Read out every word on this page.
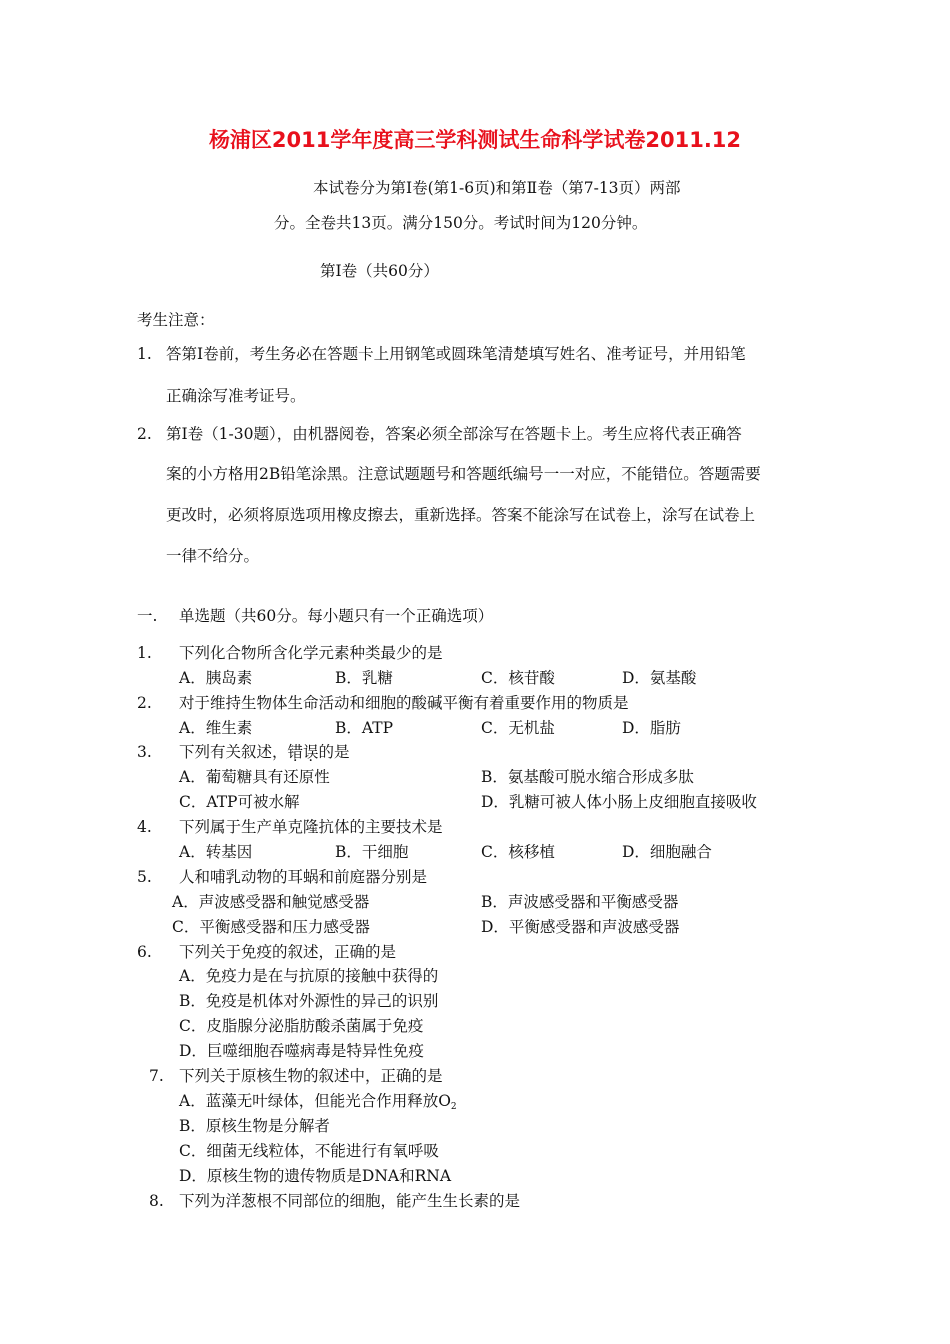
杨浦区2011学年度高三学科测试生命科学试卷2011.12
本试卷分为第Ⅰ卷(第1-6页)和第Ⅱ卷（第7-13页）两部
分。全卷共13页。满分150分。考试时间为120分钟。
第Ⅰ卷（共60分）
考生注意：
1. 答第Ⅰ卷前，考生务必在答题卡上用钢笔或圆珠笔清楚填写姓名、准考证号，并用铅笔
正确涂写准考证号。
2. 第Ⅰ卷（1-30题），由机器阅卷，答案必须全部涂写在答题卡上。考生应将代表正确答
案的小方格用2B铅笔涂黑。注意试题题号和答题纸编号一一对应，不能错位。答题需要
更改时，必须将原选项用橡皮擦去，重新选择。答案不能涂写在试卷上，涂写在试卷上
一律不给分。
一. 单选题（共60分。每小题只有一个正确选项）
1. 下列化合物所含化学元素种类最少的是
A．胰岛素	B．乳糖	C．核苷酸	D．氨基酸
2. 对于维持生物体生命活动和细胞的酸碱平衡有着重要作用的物质是
A．维生素	B．ATP	C．无机盐	D．脂肪
3. 下列有关叙述，错误的是
A．葡萄糖具有还原性	B．氨基酸可脱水缩合形成多肽
C．ATP可被水解	D．乳糖可被人体小肠上皮细胞直接吸收
4. 下列属于生产单克隆抗体的主要技术是
A．转基因	B．干细胞	C．核移植	D．细胞融合
5. 人和哺乳动物的耳蜗和前庭器分别是
A．声波感受器和触觉感受器	B．声波感受器和平衡感受器
C．平衡感受器和压力感受器	D．平衡感受器和声波感受器
6. 下列关于免疫的叙述，正确的是
A．免疫力是在与抗原的接触中获得的
B．免疫是机体对外源性的异己的识别
C．皮脂腺分泌脂肪酸杀菌属于免疫
D．巨噬细胞吞噬病毒是特异性免疫
7. 下列关于原核生物的叙述中，正确的是
A．蓝藻无叶绿体，但能光合作用释放$O_2$
B．原核生物是分解者
C．细菌无线粒体，不能进行有氧呼吸
D．原核生物的遗传物质是DNA和RNA
8. 下列为洋葱根不同部位的细胞，能产生生长素的是
